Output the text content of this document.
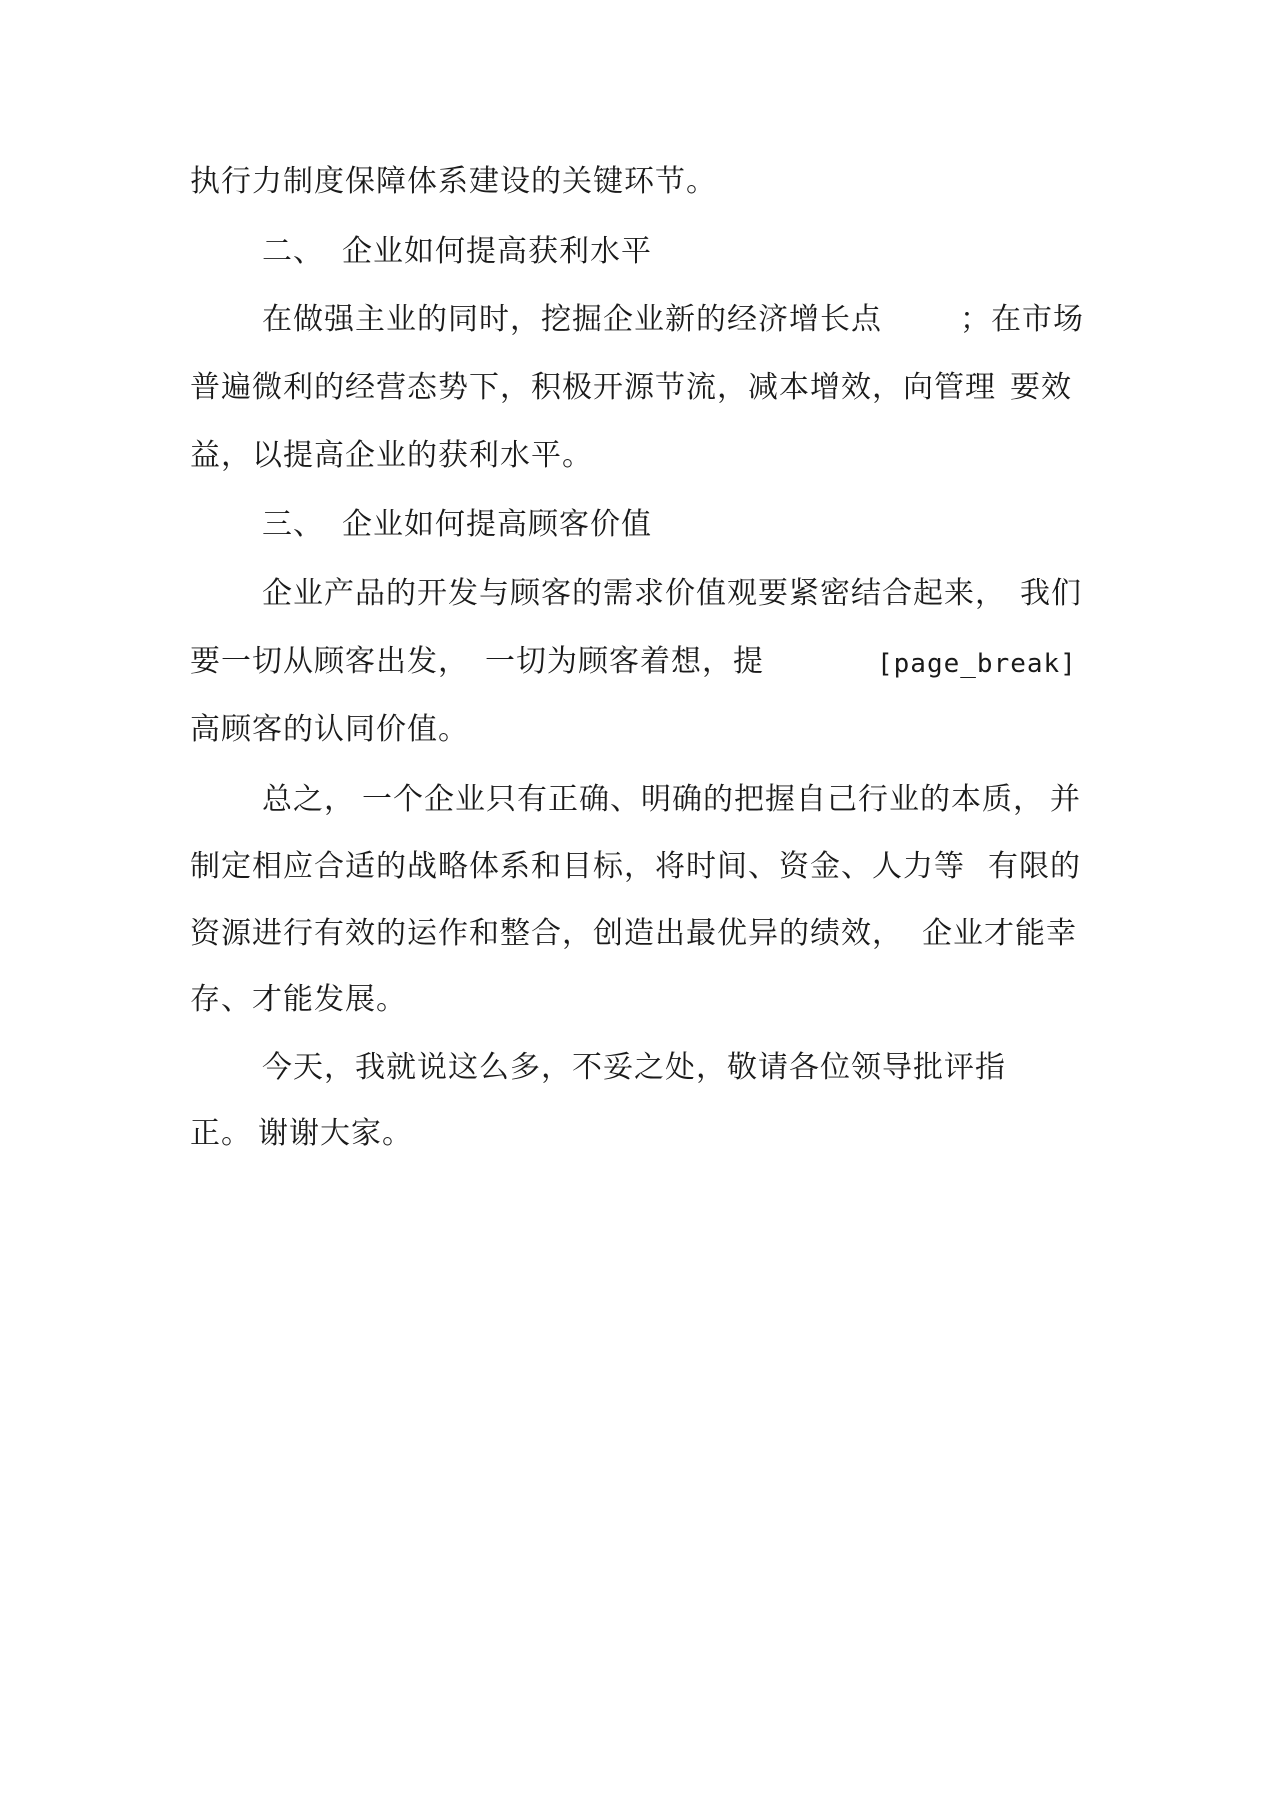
执行力制度保障体系建设的关键环节。
二、 企业如何提高获利水平
在做强主业的同时，挖掘企业新的经济增长点	；在市场
普遍微利的经营态势下，积极开源节流，减本增效，向管理 要效
益，以提高企业的获利水平。
三、 企业如何提高顾客价值
企业产品的开发与顾客的需求价值观要紧密结合起来， 我们
要一切从顾客出发， 一切为顾客着想，提	[page_break]
高顾客的认同价值。
总之， 一个企业只有正确、明确的把握自己行业的本质， 并
制定相应合适的战略体系和目标，将时间、资金、人力等 有限的
资源进行有效的运作和整合，创造出最优异的绩效， 企业才能幸
存、才能发展。
今天，我就说这么多，不妥之处，敬请各位领导批评指
正。 谢谢大家。
